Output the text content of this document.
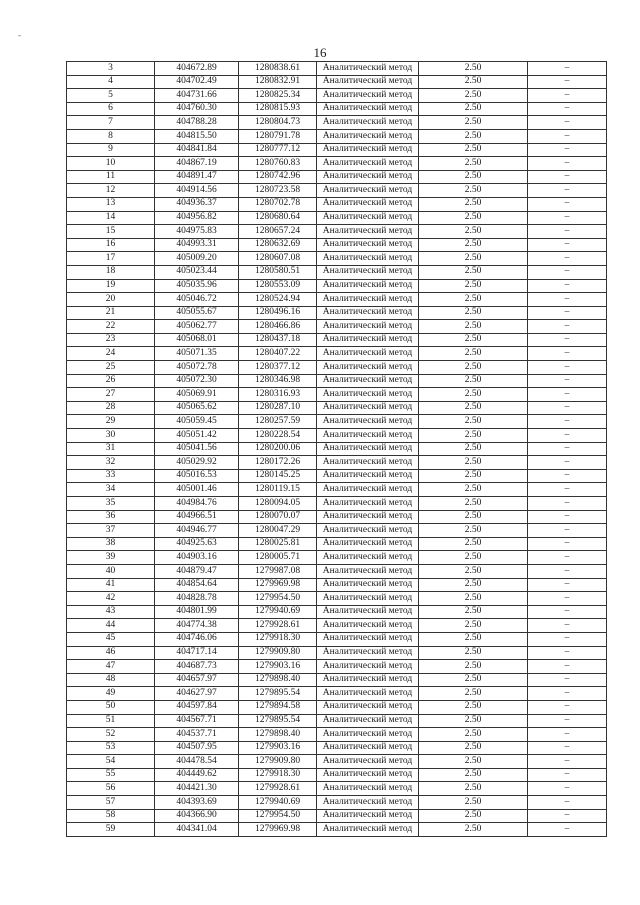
-
16
3	404672.89	1280838.61	Аналитический метод	2.50	–
4	404702.49	1280832.91	Аналитический метод	2.50	–
5	404731.66	1280825.34	Аналитический метод	2.50	–
6	404760.30	1280815.93	Аналитический метод	2.50	–
7	404788.28	1280804.73	Аналитический метод	2.50	–
8	404815.50	1280791.78	Аналитический метод	2.50	–
9	404841.84	1280777.12	Аналитический метод	2.50	–
10	404867.19	1280760.83	Аналитический метод	2.50	–
11	404891.47	1280742.96	Аналитический метод	2.50	–
12	404914.56	1280723.58	Аналитический метод	2.50	–
13	404936.37	1280702.78	Аналитический метод	2.50	–
14	404956.82	1280680.64	Аналитический метод	2.50	–
15	404975.83	1280657.24	Аналитический метод	2.50	–
16	404993.31	1280632.69	Аналитический метод	2.50	–
17	405009.20	1280607.08	Аналитический метод	2.50	–
18	405023.44	1280580.51	Аналитический метод	2.50	–
19	405035.96	1280553.09	Аналитический метод	2.50	–
20	405046.72	1280524.94	Аналитический метод	2.50	–
21	405055.67	1280496.16	Аналитический метод	2.50	–
22	405062.77	1280466.86	Аналитический метод	2.50	–
23	405068.01	1280437.18	Аналитический метод	2.50	–
24	405071.35	1280407.22	Аналитический метод	2.50	–
25	405072.78	1280377.12	Аналитический метод	2.50	–
26	405072.30	1280346.98	Аналитический метод	2.50	–
27	405069.91	1280316.93	Аналитический метод	2.50	–
28	405065.62	1280287.10	Аналитический метод	2.50	–
29	405059.45	1280257.59	Аналитический метод	2.50	–
30	405051.42	1280228.54	Аналитический метод	2.50	–
31	405041.56	1280200.06	Аналитический метод	2.50	–
32	405029.92	1280172.26	Аналитический метод	2.50	–
33	405016.53	1280145.25	Аналитический метод	2.50	–
34	405001.46	1280119.15	Аналитический метод	2.50	–
35	404984.76	1280094.05	Аналитический метод	2.50	–
36	404966.51	1280070.07	Аналитический метод	2.50	–
37	404946.77	1280047.29	Аналитический метод	2.50	–
38	404925.63	1280025.81	Аналитический метод	2.50	–
39	404903.16	1280005.71	Аналитический метод	2.50	–
40	404879.47	1279987.08	Аналитический метод	2.50	–
41	404854.64	1279969.98	Аналитический метод	2.50	–
42	404828.78	1279954.50	Аналитический метод	2.50	–
43	404801.99	1279940.69	Аналитический метод	2.50	–
44	404774.38	1279928.61	Аналитический метод	2.50	–
45	404746.06	1279918.30	Аналитический метод	2.50	–
46	404717.14	1279909.80	Аналитический метод	2.50	–
47	404687.73	1279903.16	Аналитический метод	2.50	–
48	404657.97	1279898.40	Аналитический метод	2.50	–
49	404627.97	1279895.54	Аналитический метод	2.50	–
50	404597.84	1279894.58	Аналитический метод	2.50	–
51	404567.71	1279895.54	Аналитический метод	2.50	–
52	404537.71	1279898.40	Аналитический метод	2.50	–
53	404507.95	1279903.16	Аналитический метод	2.50	–
54	404478.54	1279909.80	Аналитический метод	2.50	–
55	404449.62	1279918.30	Аналитический метод	2.50	–
56	404421.30	1279928.61	Аналитический метод	2.50	–
57	404393.69	1279940.69	Аналитический метод	2.50	–
58	404366.90	1279954.50	Аналитический метод	2.50	–
59	404341.04	1279969.98	Аналитический метод	2.50	–
